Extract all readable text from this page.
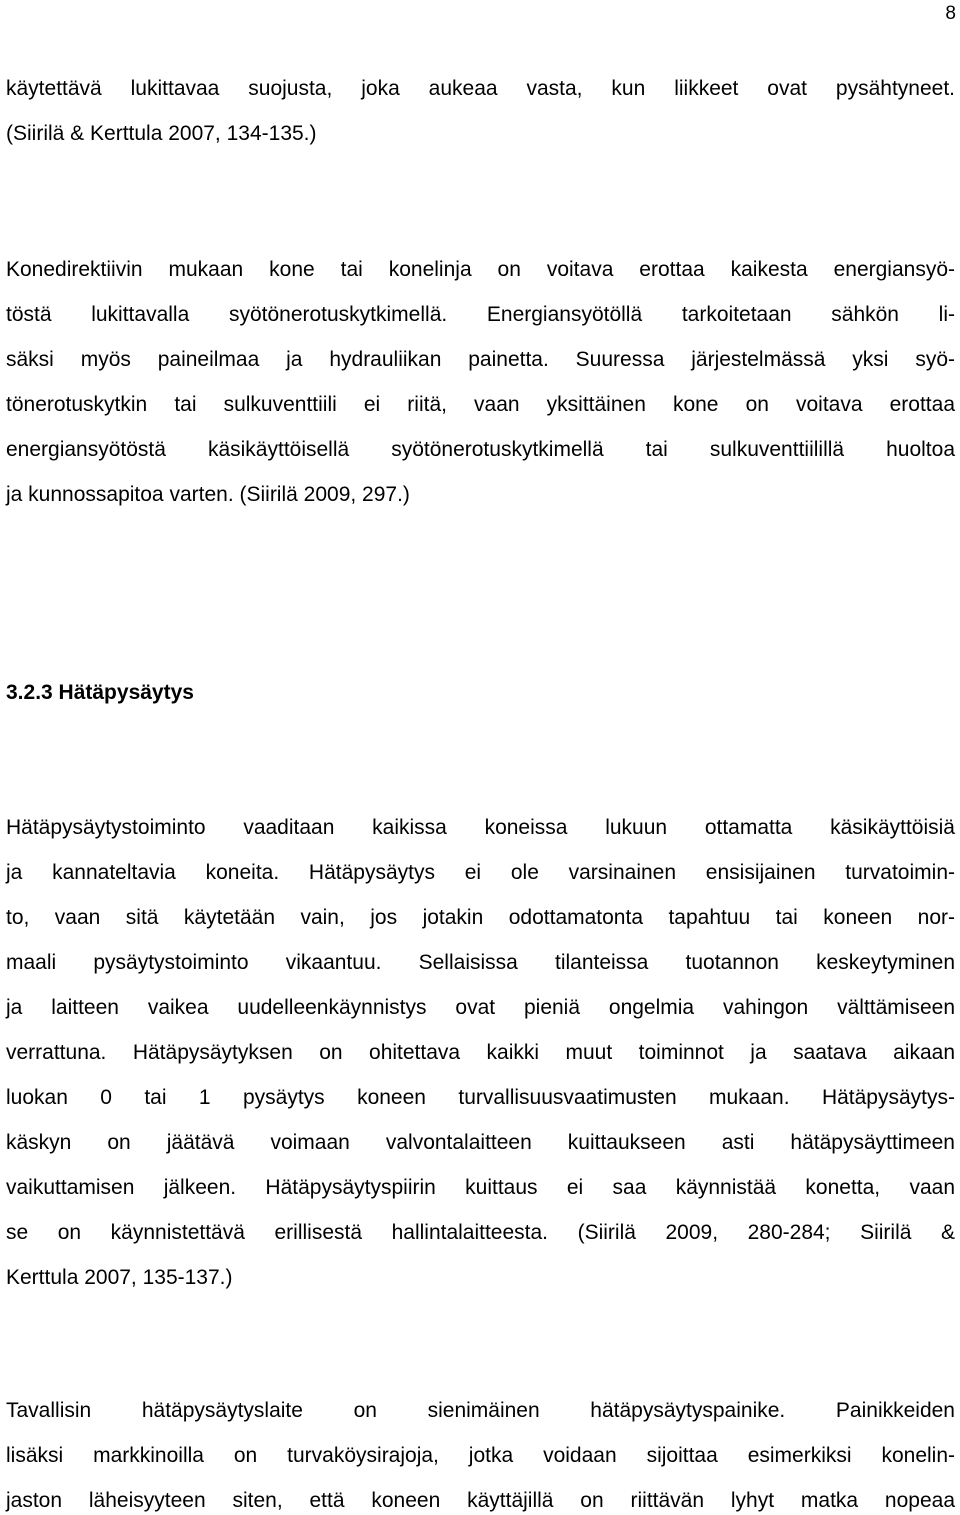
8
käytettävä lukittavaa suojusta, joka aukeaa vasta, kun liikkeet ovat pysähtyneet.
(Siirilä & Kerttula 2007, 134-135.)
Konedirektiivin mukaan kone tai konelinja on voitava erottaa kaikesta energiansyö-
töstä lukittavalla syötönerotuskytkimellä. Energiansyötöllä tarkoitetaan sähkön li-
säksi myös paineilmaa ja hydrauliikan painetta. Suuressa järjestelmässä yksi syö-
tönerotuskytkin tai sulkuventtiili ei riitä, vaan yksittäinen kone on voitava erottaa
energiansyötöstä käsikäyttöisellä syötönerotuskytkimellä tai sulkuventtiilillä huoltoa
ja kunnossapitoa varten. (Siirilä 2009, 297.)
3.2.3 Hätäpysäytys
Hätäpysäytystoiminto vaaditaan kaikissa koneissa lukuun ottamatta käsikäyttöisiä
ja kannateltavia koneita. Hätäpysäytys ei ole varsinainen ensisijainen turvatoimin-
to, vaan sitä käytetään vain, jos jotakin odottamatonta tapahtuu tai koneen nor-
maali pysäytystoiminto vikaantuu. Sellaisissa tilanteissa tuotannon keskeytyminen
ja laitteen vaikea uudelleenkäynnistys ovat pieniä ongelmia vahingon välttämiseen
verrattuna. Hätäpysäytyksen on ohitettava kaikki muut toiminnot ja saatava aikaan
luokan 0 tai 1 pysäytys koneen turvallisuusvaatimusten mukaan. Hätäpysäytys-
käskyn on jäätävä voimaan valvontalaitteen kuittaukseen asti hätäpysäyttimeen
vaikuttamisen jälkeen. Hätäpysäytyspiirin kuittaus ei saa käynnistää konetta, vaan
se on käynnistettävä erillisestä hallintalaitteesta. (Siirilä 2009, 280-284; Siirilä &
Kerttula 2007, 135-137.)
Tavallisin hätäpysäytyslaite on sienimäinen hätäpysäytyspainike. Painikkeiden
lisäksi markkinoilla on turvaköysirajoja, jotka voidaan sijoittaa esimerkiksi konelin-
jaston läheisyyteen siten, että koneen käyttäjillä on riittävän lyhyt matka nopeaa
